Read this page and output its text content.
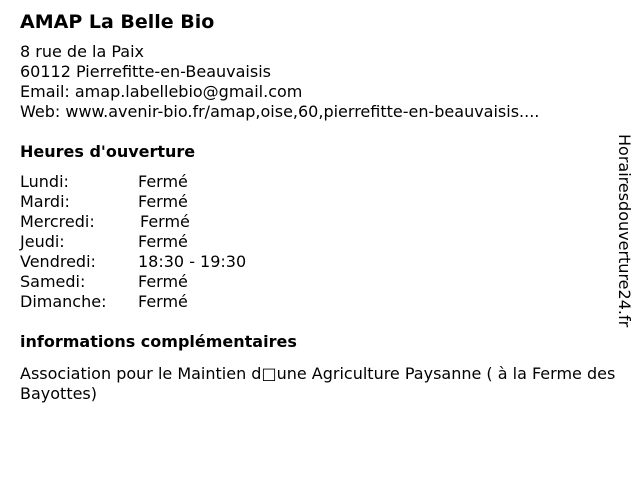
AMAP La Belle Bio
8 rue de la Paix
60112 Pierrefitte-en-Beauvaisis
Email: amap.labellebio@gmail.com
Web: www.avenir-bio.fr/amap,oise,60,pierrefitte-en-beauvaisis....
Heures d'ouverture
Lundi:	Fermé
Mardi:	Fermé
Mercredi:	Fermé
Jeudi:	Fermé
Vendredi:	18:30 - 19:30
Samedi:	Fermé
Dimanche:	Fermé
informations complémentaires
Association pour le Maintien d□une Agriculture Paysanne ( à la Ferme des Bayottes)
Horairesdouverture24.fr
